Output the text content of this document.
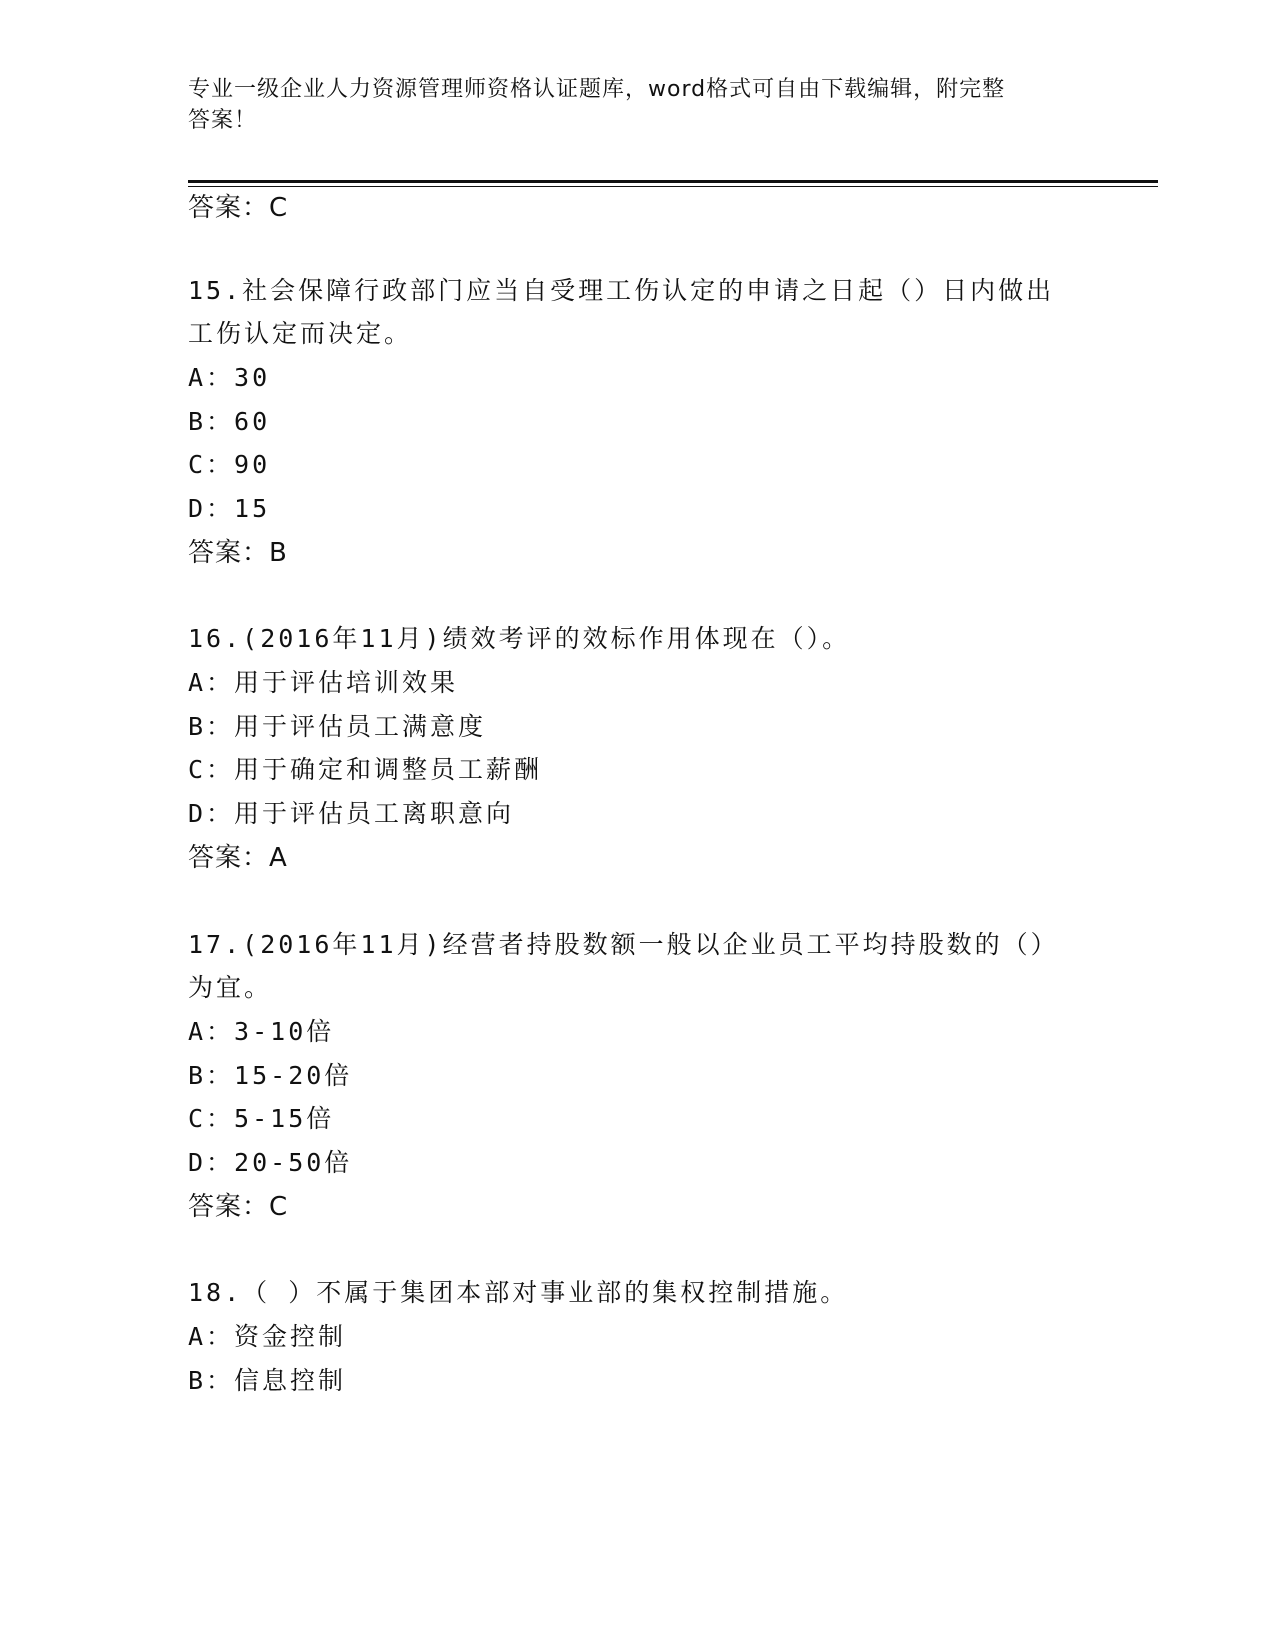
专业一级企业人力资源管理师资格认证题库，word格式可自由下载编辑，附完整
答案！
答案：C
15.社会保障行政部门应当自受理工伤认定的申请之日起（）日内做出
工伤认定而决定。
A：30
B：60
C：90
D：15
答案：B
16.(2016年11月)绩效考评的效标作用体现在（）。
A：用于评估培训效果
B：用于评估员工满意度
C：用于确定和调整员工薪酬
D：用于评估员工离职意向
答案：A
17.(2016年11月)经营者持股数额一般以企业员工平均持股数的（）
为宜。
A：3-10倍
B：15-20倍
C：5-15倍
D：20-50倍
答案：C
18.（ ）不属于集团本部对事业部的集权控制措施。
A：资金控制
B：信息控制
